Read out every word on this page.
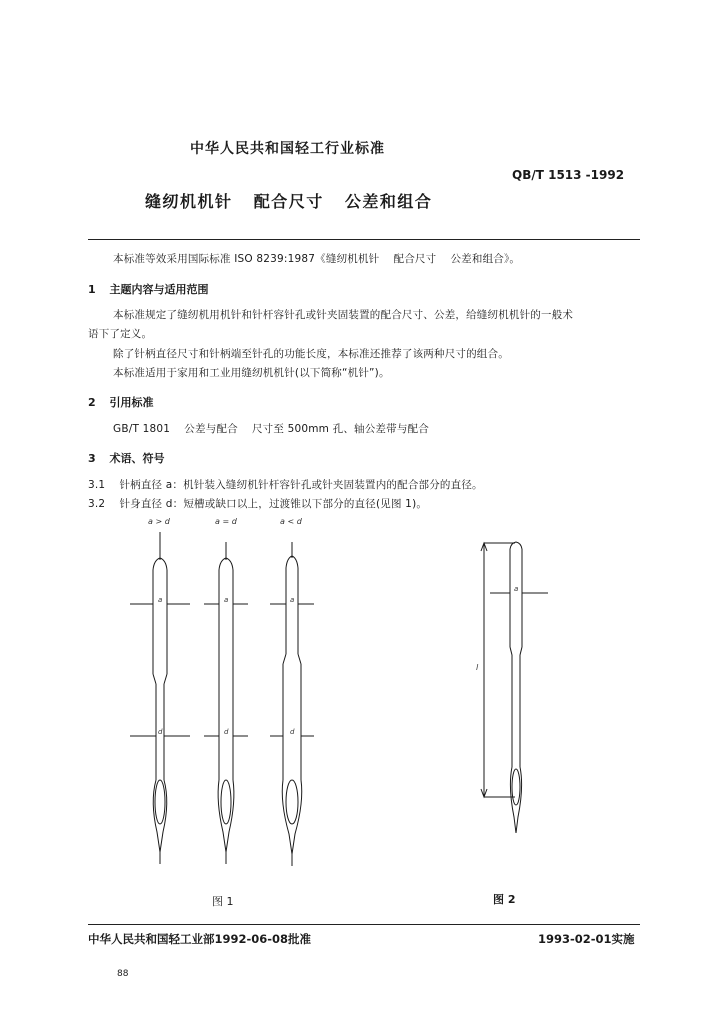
中华人民共和国轻工行业标准
QB/T 1513 -1992
缝纫机机针   配合尺寸   公差和组合
本标准等效采用国际标准 ISO 8239:1987《缝纫机机针    配合尺寸    公差和组合》。
1 主题内容与适用范围
本标准规定了缝纫机用机针和针杆容针孔或针夹固装置的配合尺寸、公差，给缝纫机机针的一般术
语下了定义。
除了针柄直径尺寸和针柄端至针孔的功能长度，本标准还推荐了该两种尺寸的组合。
本标准适用于家用和工业用缝纫机机针(以下简称“机针”)。
2 引用标准
GB/T 1801    公差与配合    尺寸至 500mm 孔、轴公差带与配合
3 术语、符号
3.1    针柄直径 a：机针装入缝纫机针杆容针孔或针夹固装置内的配合部分的直径。
3.2    针身直径 d：短槽或缺口以上，过渡锥以下部分的直径(见图 1)。
a > d	a = d	a < d
a	a	a
d	d	d
图 1
l
a
图 2
中华人民共和国轻工业部1992-06-08批准	1993-02-01实施
88
